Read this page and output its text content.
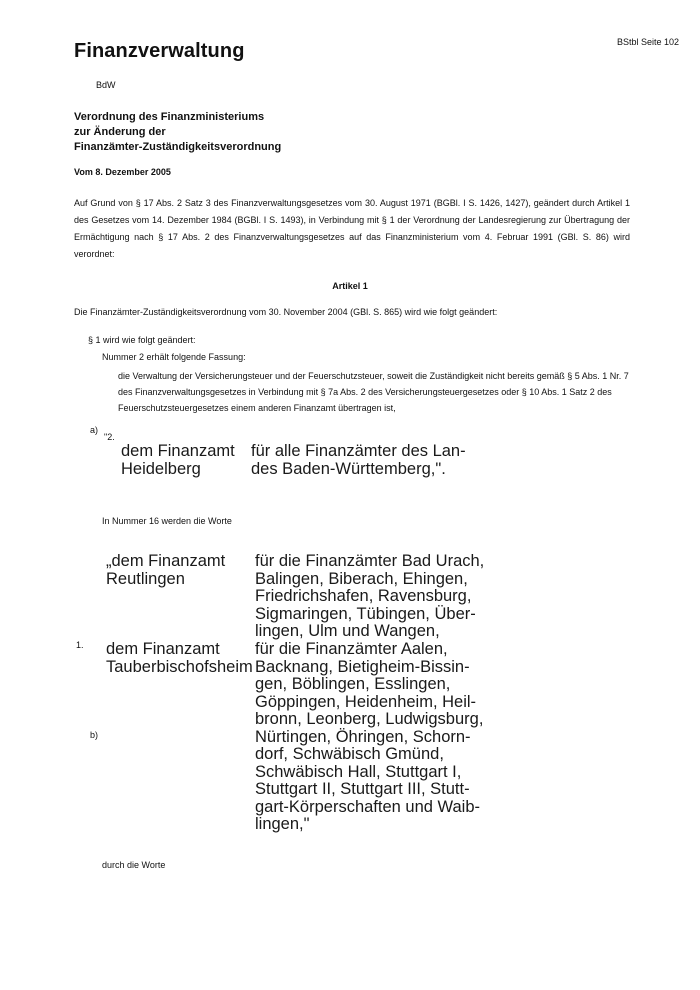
BStbl Seite 102
Finanzverwaltung
BdW
Verordnung des Finanzministeriums
zur Änderung der
Finanzämter-Zuständigkeitsverordnung
Vom 8. Dezember 2005
Auf Grund von § 17 Abs. 2 Satz 3 des Finanzverwaltungsgesetzes vom 30. August 1971 (BGBl. I S. 1426, 1427), geändert durch Artikel 1 des Gesetzes vom 14. Dezember 1984 (BGBl. I S. 1493), in Verbindung mit § 1 der Verordnung der Landesregierung zur Übertragung der Ermächtigung nach § 17 Abs. 2 des Finanzverwaltungsgesetzes auf das Finanzministerium vom 4. Februar 1991 (GBl. S. 86) wird verordnet:
Artikel 1
Die Finanzämter-Zuständigkeitsverordnung vom 30. November 2004 (GBl. S. 865) wird wie folgt geändert:
§ 1 wird wie folgt geändert:
Nummer 2 erhält folgende Fassung:
die Verwaltung der Versicherungsteuer und der Feuerschutzsteuer, soweit die Zuständigkeit nicht bereits gemäß § 5 Abs. 1 Nr. 7 des Finanzverwaltungsgesetzes in Verbindung mit § 7a Abs. 2 des Versicherungsteuergesetzes oder § 10 Abs. 1 Satz 2 des Feuerschutzsteuergesetzes einem anderen Finanzamt übertragen ist,
a)
"2.
dem Finanzamt
Heidelberg
für alle Finanzämter des Lan-
des Baden-Württemberg,".
In Nummer 16 werden die Worte
„dem Finanzamt
Reutlingen
für die Finanzämter Bad Urach,
Balingen, Biberach, Ehingen,
Friedrichshafen, Ravensburg,
Sigmaringen, Tübingen, Über-
lingen, Ulm und Wangen,
1. dem Finanzamt
Tauberbischofsheim
für die Finanzämter Aalen,
Backnang, Bietigheim-Bissin-
gen, Böblingen, Esslingen,
Göppingen, Heidenheim, Heil-
bronn, Leonberg, Ludwigsburg,
Nürtingen, Öhringen, Schorn-
dorf, Schwäbisch Gmünd,
Schwäbisch Hall, Stuttgart I,
Stuttgart II, Stuttgart III, Stutt-
gart-Körperschaften und Waib-
lingen,"
b)
durch die Worte
